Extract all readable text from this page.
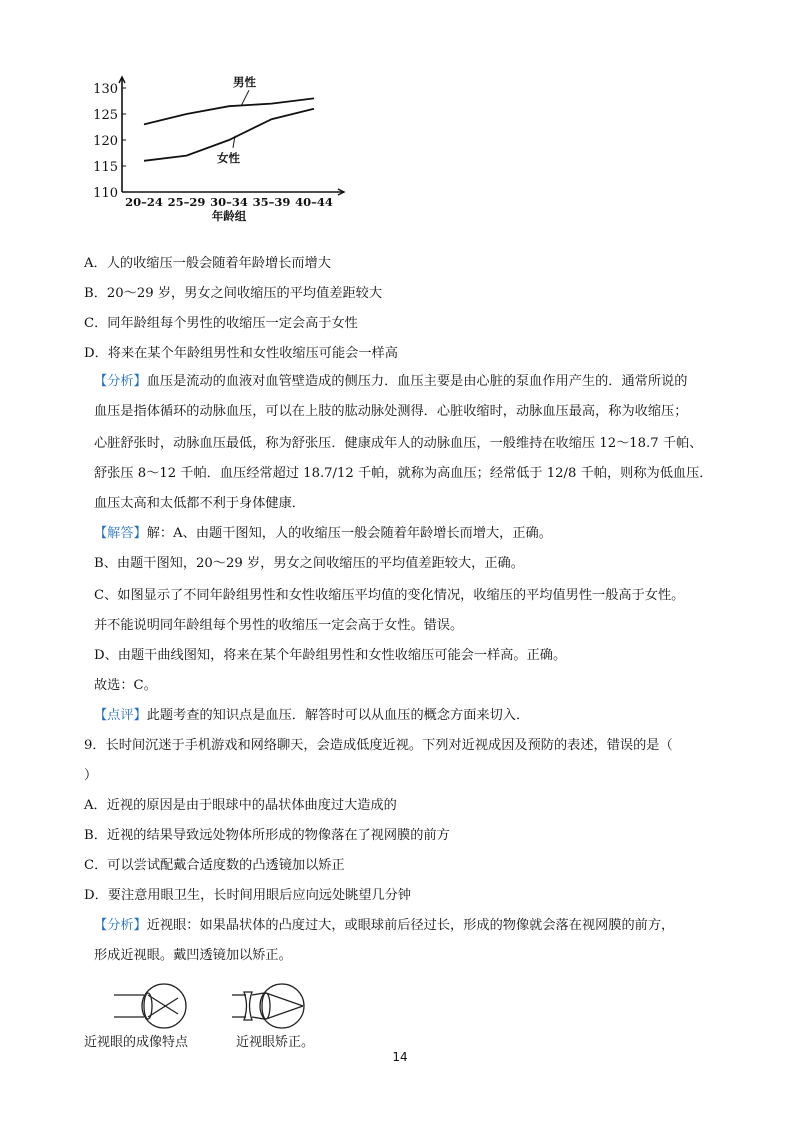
110
115
120
125
130
20–24 25–29 30–34 35–39 40–44
年龄组
男性
女性
A．人的收缩压一般会随着年龄增长而增大
B．20～29 岁，男女之间收缩压的平均值差距较大
C．同年龄组每个男性的收缩压一定会高于女性
D．将来在某个年龄组男性和女性收缩压可能会一样高
【分析】血压是流动的血液对血管壁造成的侧压力．血压主要是由心脏的泵血作用产生的．通常所说的
血压是指体循环的动脉血压，可以在上肢的肱动脉处测得．心脏收缩时，动脉血压最高，称为收缩压；
心脏舒张时，动脉血压最低，称为舒张压．健康成年人的动脉血压，一般维持在收缩压 12～18.7 千帕、
舒张压 8～12 千帕．血压经常超过 18.7/12 千帕，就称为高血压；经常低于 12/8 千帕，则称为低血压．
血压太高和太低都不利于身体健康．
【解答】解：A、由题干图知，人的收缩压一般会随着年龄增长而增大，正确。
B、由题干图知，20～29 岁，男女之间收缩压的平均值差距较大，正确。
C、如图显示了不同年龄组男性和女性收缩压平均值的变化情况，收缩压的平均值男性一般高于女性。
并不能说明同年龄组每个男性的收缩压一定会高于女性。错误。
D、由题干曲线图知，将来在某个年龄组男性和女性收缩压可能会一样高。正确。
故选：C。
【点评】此题考查的知识点是血压．解答时可以从血压的概念方面来切入．
9．长时间沉迷于手机游戏和网络聊天，会造成低度近视。下列对近视成因及预防的表述，错误的是（
）
A．近视的原因是由于眼球中的晶状体曲度过大造成的
B．近视的结果导致远处物体所形成的物像落在了视网膜的前方
C．可以尝试配戴合适度数的凸透镜加以矫正
D．要注意用眼卫生，长时间用眼后应向远处眺望几分钟
【分析】近视眼：如果晶状体的凸度过大，或眼球前后径过长，形成的物像就会落在视网膜的前方，
形成近视眼。戴凹透镜加以矫正。
近视眼的成像特点	近视眼矫正。
14
